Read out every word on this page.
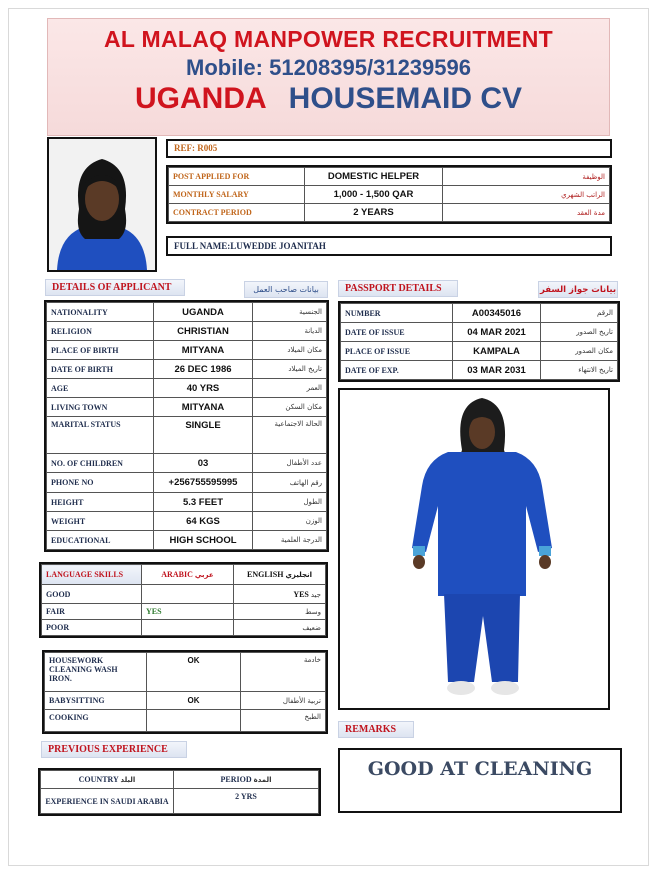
AL MALAQ MANPOWER RECRUITMENT
Mobile: 51208395/31239596
UGANDA HOUSEMAID CV
REF: R005
POST APPLIED FOR	DOMESTIC HELPER	الوظيفة
MONTHLY SALARY	1,000 - 1,500 QAR	الراتب الشهري
CONTRACT PERIOD	2 YEARS	مدة العقد
FULL NAME:LUWEDDE JOANITAH
DETAILS OF APPLICANT	بيانات صاحب العمل	PASSPORT DETAILS	بيانات جواز السفر
NATIONALITY	UGANDA	الجنسية
RELIGION	CHRISTIAN	الديانة
PLACE OF BIRTH	MITYANA	مكان الميلاد
DATE OF BIRTH	26 DEC 1986	تاريخ الميلاد
AGE	40 YRS	العمر
LIVING TOWN	MITYANA	مكان السكن
MARITAL STATUS	SINGLE	الحالة الاجتماعية
NO. OF CHILDREN	03	عدد الأطفال
PHONE NO	+256755595995	رقم الهاتف
HEIGHT	5.3 FEET	الطول
WEIGHT	64 KGS	الوزن
EDUCATIONAL	HIGH SCHOOL	الدرجة العلمية
NUMBER	A00345016	الرقم
DATE OF ISSUE	04 MAR 2021	تاريخ الصدور
PLACE OF ISSUE	KAMPALA	مكان الصدور
DATE OF EXP.	03 MAR 2031	تاريخ الانتهاء
LANGUAGE SKILLS	ARABIC عربي	ENGLISH انجليزي
GOOD		YES جيد
FAIR	YES	وسط
POOR		ضعيف
HOUSEWORK CLEANING WASH IRON.	OK	خادمة
BABYSITTING	OK	تربية الأطفال
COOKING		الطبخ
REMARKS
GOOD AT CLEANING
PREVIOUS EXPERIENCE
COUNTRY البلد	PERIOD المدة
EXPERIENCE IN SAUDI ARABIA	2 YRS
